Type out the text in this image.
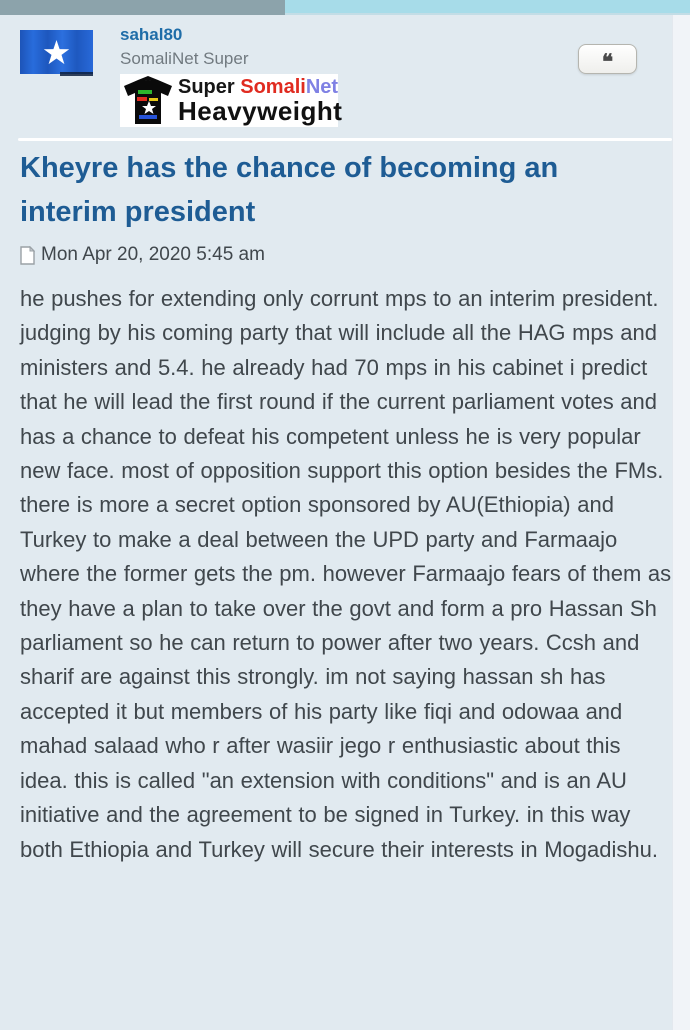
sahal80
SomaliNet Super
Super SomaliNet
Heavyweight
❝
Kheyre has the chance of becoming an interim president
Mon Apr 20, 2020 5:45 am
he pushes for extending only corrunt mps to an interim president. judging by his coming party that will include all the HAG mps and ministers and 5.4. he already had 70 mps in his cabinet i predict that he will lead the first round if the current parliament votes and has a chance to defeat his competent unless he is very popular new face. most of opposition support this option besides the FMs. there is more a secret option sponsored by AU(Ethiopia) and Turkey to make a deal between the UPD party and Farmaajo where the former gets the pm. however Farmaajo fears of them as they have a plan to take over the govt and form a pro Hassan Sh parliament so he can return to power after two years. Ccsh and sharif are against this strongly. im not saying hassan sh has accepted it but members of his party like fiqi and odowaa and mahad salaad who r after wasiir jego r enthusiastic about this idea. this is called "an extension with conditions" and is an AU initiative and the agreement to be signed in Turkey. in this way both Ethiopia and Turkey will secure their interests in Mogadishu.
